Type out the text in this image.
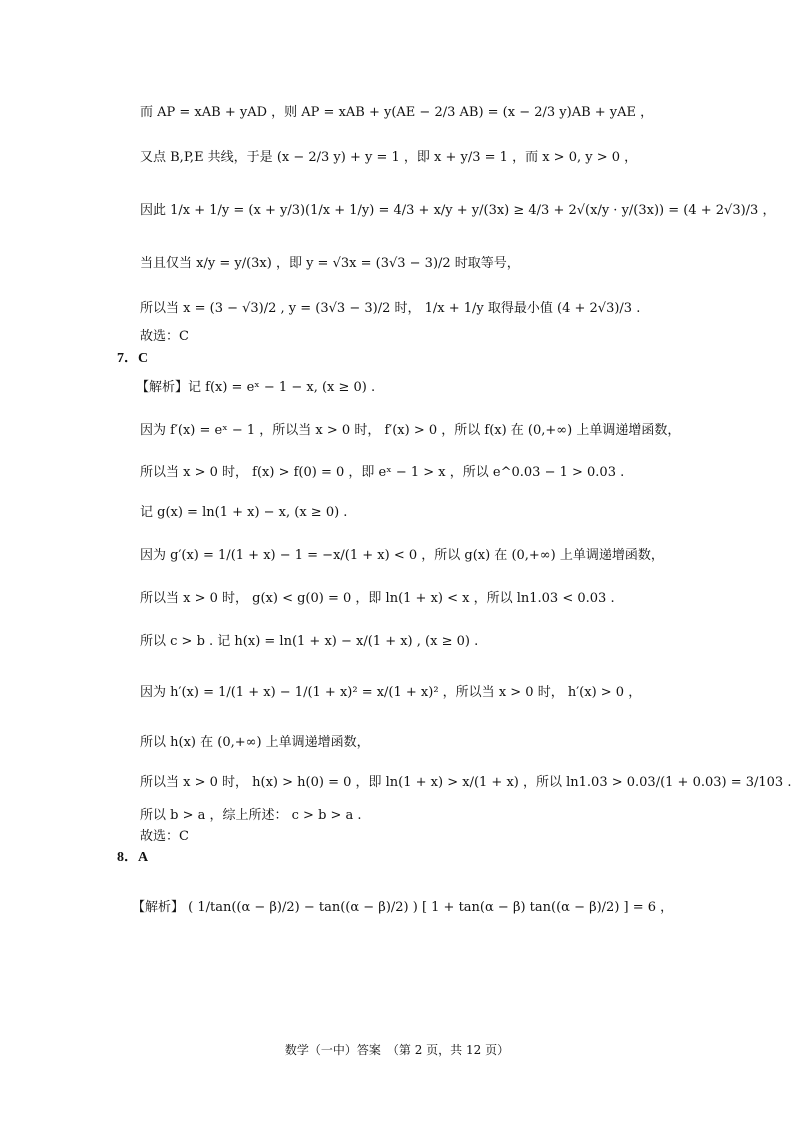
而 AP = xAB + yAD ，则 AP = xAB + y(AE − 2/3 AB) = (x − 2/3 y)AB + yAE ，
又点 B,P,E 共线，于是 (x − 2/3 y) + y = 1 ，即 x + y/3 = 1 ，而 x > 0, y > 0 ，
因此 1/x + 1/y = (x + y/3)(1/x + 1/y) = 4/3 + x/y + y/(3x) ≥ 4/3 + 2√(x/y · y/(3x)) = (4 + 2√3)/3 ，
当且仅当 x/y = y/(3x) ，即 y = √3x = (3√3 − 3)/2 时取等号，
所以当 x = (3 − √3)/2 , y = (3√3 − 3)/2 时， 1/x + 1/y 取得最小值 (4 + 2√3)/3 .
故选：C
7．C
【解析】记 f(x) = eˣ − 1 − x, (x ≥ 0) .
因为 f′(x) = eˣ − 1 ，所以当 x > 0 时， f′(x) > 0 ，所以 f(x) 在 (0,+∞) 上单调递增函数，
所以当 x > 0 时， f(x) > f(0) = 0 ，即 eˣ − 1 > x ，所以 e^0.03 − 1 > 0.03 .
记 g(x) = ln(1 + x) − x, (x ≥ 0) .
因为 g′(x) = 1/(1 + x) − 1 = −x/(1 + x) < 0 ，所以 g(x) 在 (0,+∞) 上单调递增函数，
所以当 x > 0 时， g(x) < g(0) = 0 ，即 ln(1 + x) < x ，所以 ln1.03 < 0.03 .
所以 c > b . 记 h(x) = ln(1 + x) − x/(1 + x) , (x ≥ 0) .
因为 h′(x) = 1/(1 + x) − 1/(1 + x)² = x/(1 + x)² ，所以当 x > 0 时， h′(x) > 0 ，
所以 h(x) 在 (0,+∞) 上单调递增函数，
所以当 x > 0 时， h(x) > h(0) = 0 ，即 ln(1 + x) > x/(1 + x) ，所以 ln1.03 > 0.03/(1 + 0.03) = 3/103 .
所以 b > a ，综上所述： c > b > a .
故选：C
8．A
【解析】 ( 1/tan((α − β)/2) − tan((α − β)/2) ) [ 1 + tan(α − β) tan((α − β)/2) ] = 6 ，
数学（一中）答案　（第 2 页，共 12 页）
